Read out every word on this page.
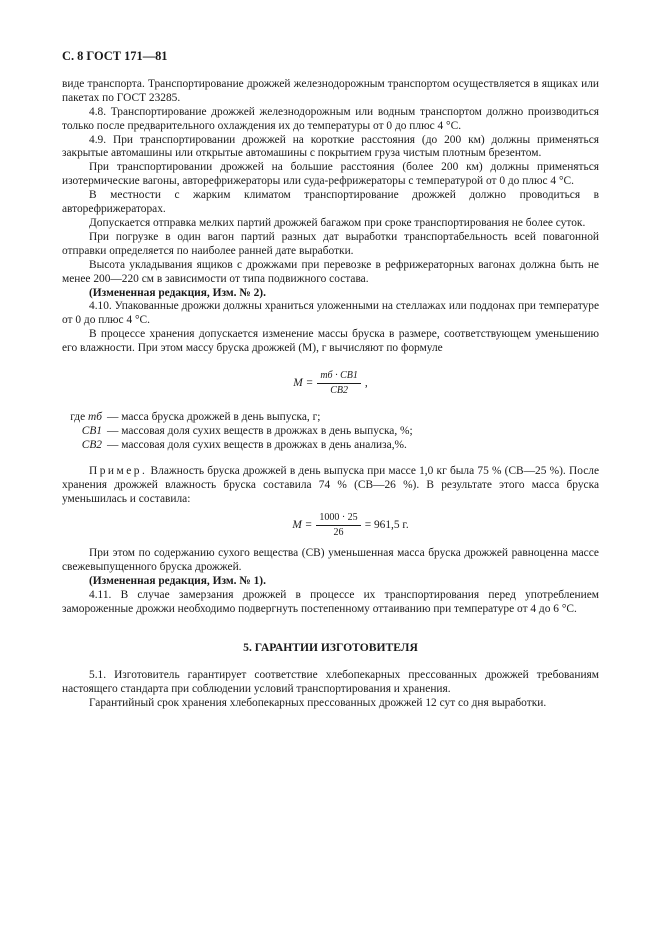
С. 8 ГОСТ 171—81

виде транспорта. Транспортирование дрожжей железнодорожным транспортом осуществляется в ящиках или пакетах по ГОСТ 23285.

4.8. Транспортирование дрожжей железнодорожным или водным транспортом должно производиться только после предварительного охлаждения их до температуры от 0 до плюс 4 °С.

4.9. При транспортировании дрожжей на короткие расстояния (до 200 км) должны применяться закрытые автомашины или открытые автомашины с покрытием груза чистым плотным брезентом.

При транспортировании дрожжей на большие расстояния (более 200 км) должны применяться изотермические вагоны, авторефрижераторы или суда-рефрижераторы с температурой от 0 до плюс 4 °С.

В местности с жарким климатом транспортирование дрожжей должно проводиться в авторефрижераторах.

Допускается отправка мелких партий дрожжей багажом при сроке транспортирования не более суток.

При погрузке в один вагон партий разных дат выработки транспортабельность всей повагонной отправки определяется по наиболее ранней дате выработки.

Высота укладывания ящиков с дрожжами при перевозке в рефрижераторных вагонах должна быть не менее 200—220 см в зависимости от типа подвижного состава.

(Измененная редакция, Изм. № 2).

4.10. Упакованные дрожжи должны храниться уложенными на стеллажах или поддонах при температуре от 0 до плюс 4 °С.

В процессе хранения допускается изменение массы бруска в размере, соответствующем уменьшению его влажности. При этом массу бруска дрожжей (М), г вычисляют по формуле

$M = \frac{mб \cdot CB1}{CB2}$ ,
где mб — масса бруска дрожжей в день выпуска, г;
CB1 — массовая доля сухих веществ в дрожжах в день выпуска, %;
CB2 — массовая доля сухих веществ в дрожжах в день анализа,%.

Пример. Влажность бруска дрожжей в день выпуска при массе 1,0 кг была 75 % (СВ—25 %). После хранения дрожжей влажность бруска составила 74 % (СВ—26 %). В результате этого масса бруска уменьшилась и составила:

$M = \frac{1000 \cdot 25}{26} = 961,5$ г.

При этом по содержанию сухого вещества (СВ) уменьшенная масса бруска дрожжей равноценна массе свежевыпущенного бруска дрожжей.

(Измененная редакция, Изм. № 1).

4.11. В случае замерзания дрожжей в процессе их транспортирования перед употреблением замороженные дрожжи необходимо подвергнуть постепенному оттаиванию при температуре от 4 до 6 °С.

5. ГАРАНТИИ ИЗГОТОВИТЕЛЯ

5.1. Изготовитель гарантирует соответствие хлебопекарных прессованных дрожжей требованиям настоящего стандарта при соблюдении условий транспортирования и хранения.

Гарантийный срок хранения хлебопекарных прессованных дрожжей 12 сут со дня выработки.
